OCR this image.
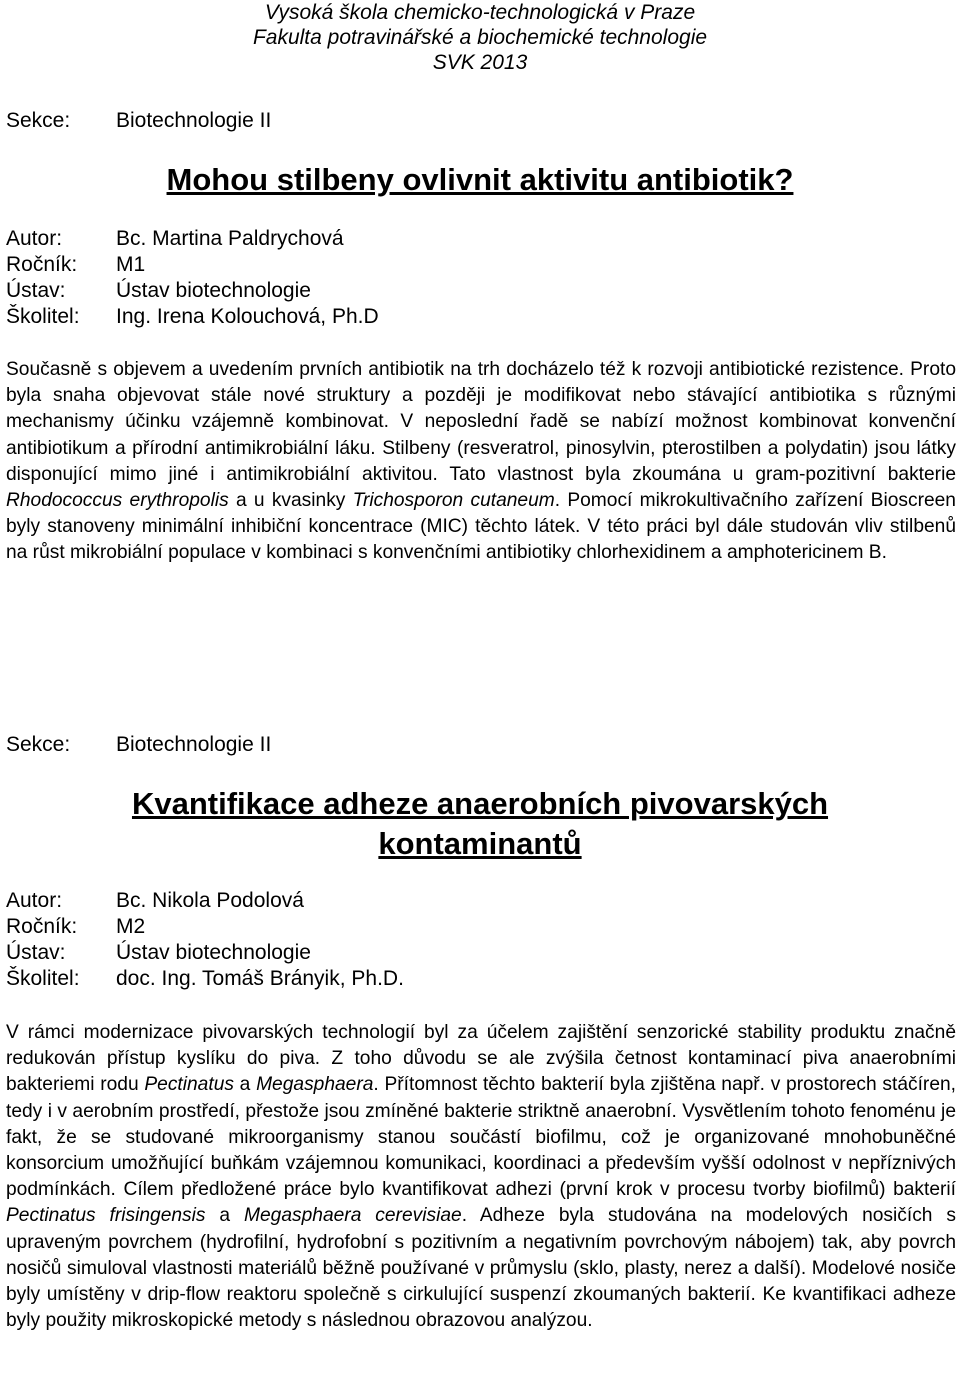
Vysoká škola chemicko-technologická v Praze
Fakulta potravinářské a biochemické technologie
SVK 2013
Sekce: Biotechnologie II
Mohou stilbeny ovlivnit aktivitu antibiotik?
Autor:	Bc. Martina Paldrychová
Ročník: M1
Ústav: Ústav biotechnologie
Školitel: Ing. Irena Kolouchová, Ph.D
Současně s objevem a uvedením prvních antibiotik na trh docházelo též k rozvoji antibiotické rezistence. Proto byla snaha objevovat stále nové struktury a později je modifikovat nebo stávající antibiotika s různými mechanismy účinku vzájemně kombinovat. V neposlední řadě se nabízí možnost kombinovat konvenční antibiotikum a přírodní antimikrobiální láku. Stilbeny (resveratrol, pinosylvin, pterostilben a polydatin) jsou látky disponující mimo jiné i antimikrobiální aktivitou. Tato vlastnost byla zkoumána u gram-pozitivní bakterie Rhodococcus erythropolis a u kvasinky Trichosporon cutaneum. Pomocí mikrokultivačního zařízení Bioscreen byly stanoveny minimální inhibiční koncentrace (MIC) těchto látek. V této práci byl dále studován vliv stilbenů na růst mikrobiální populace v kombinaci s konvenčními antibiotiky chlorhexidinem a amphotericinem B.
Sekce: Biotechnologie II
Kvantifikace adheze anaerobních pivovarských
kontaminantů
Autor:	Bc. Nikola Podolová
Ročník: M2
Ústav: Ústav biotechnologie
Školitel: doc. Ing. Tomáš Brányik, Ph.D.
V rámci modernizace pivovarských technologií byl za účelem zajištění senzorické stability produktu značně redukován přístup kyslíku do piva. Z toho důvodu se ale zvýšila četnost kontaminací piva anaerobními bakteriemi rodu Pectinatus a Megasphaera. Přítomnost těchto bakterií byla zjištěna např. v prostorech stáčíren, tedy i v aerobním prostředí, přestože jsou zmíněné bakterie striktně anaerobní. Vysvětlením tohoto fenoménu je fakt, že se studované mikroorganismy stanou součástí biofilmu, což je organizované mnohobuněčné konsorcium umožňující buňkám vzájemnou komunikaci, koordinaci a především vyšší odolnost v nepříznivých podmínkách. Cílem předložené práce bylo kvantifikovat adhezi (první krok v procesu tvorby biofilmů) bakterií Pectinatus frisingensis a Megasphaera cerevisiae. Adheze byla studována na modelových nosičích s upraveným povrchem (hydrofilní, hydrofobní s pozitivním a negativním povrchovým nábojem) tak, aby povrch nosičů simuloval vlastnosti materiálů běžně používané v průmyslu (sklo, plasty, nerez a další). Modelové nosiče byly umístěny v drip-flow reaktoru společně s cirkulující suspenzí zkoumaných bakterií. Ke kvantifikaci adheze byly použity mikroskopické metody s následnou obrazovou analýzou.
